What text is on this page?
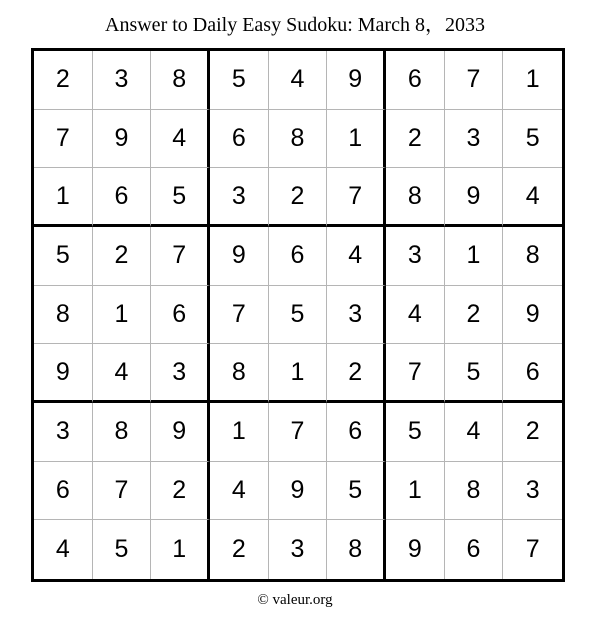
Answer to Daily Easy Sudoku: March 8，2033
2	3	8	5	4	9	6	7	1
7	9	4	6	8	1	2	3	5
1	6	5	3	2	7	8	9	4
5	2	7	9	6	4	3	1	8
8	1	6	7	5	3	4	2	9
9	4	3	8	1	2	7	5	6
3	8	9	1	7	6	5	4	2
6	7	2	4	9	5	1	8	3
4	5	1	2	3	8	9	6	7
© valeur.org
